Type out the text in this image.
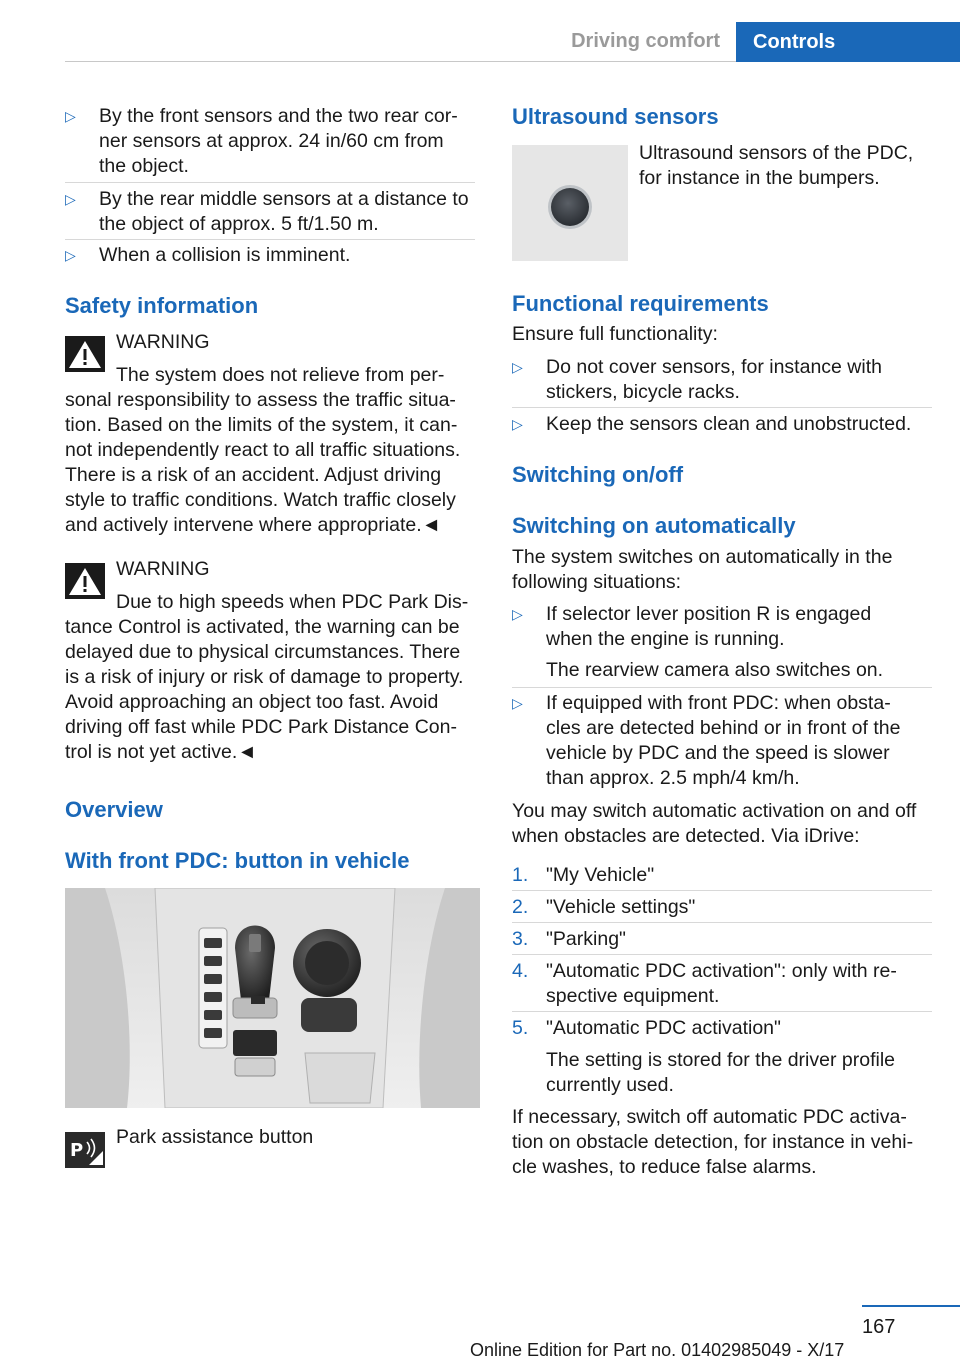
Driving comfort	Controls
▷ By the front sensors and the two rear cor-
ner sensors at approx. 24 in/60 cm from
the object.
▷ By the rear middle sensors at a distance to
the object of approx. 5 ft/1.50 m.
▷ When a collision is imminent.
Safety information
WARNING
The system does not relieve from per-
sonal responsibility to assess the traffic situa-
tion. Based on the limits of the system, it can-
not independently react to all traffic situations.
There is a risk of an accident. Adjust driving
style to traffic conditions. Watch traffic closely
and actively intervene where appropriate.◄
WARNING
Due to high speeds when PDC Park Dis-
tance Control is activated, the warning can be
delayed due to physical circumstances. There
is a risk of injury or risk of damage to property.
Avoid approaching an object too fast. Avoid
driving off fast while PDC Park Distance Con-
trol is not yet active.◄
Overview
With front PDC: button in vehicle
P
Park assistance button
Ultrasound sensors
Ultrasound sensors of the PDC,
for instance in the bumpers.
Functional requirements
Ensure full functionality:
▷ Do not cover sensors, for instance with
stickers, bicycle racks.
▷ Keep the sensors clean and unobstructed.
Switching on/off
Switching on automatically
The system switches on automatically in the
following situations:
▷ If selector lever position R is engaged
when the engine is running.
The rearview camera also switches on.
▷ If equipped with front PDC: when obsta-
cles are detected behind or in front of the
vehicle by PDC and the speed is slower
than approx. 2.5 mph/4 km/h.
You may switch automatic activation on and off
when obstacles are detected. Via iDrive:
1. "My Vehicle"
2. "Vehicle settings"
3. "Parking"
4. "Automatic PDC activation": only with re-
spective equipment.
5. "Automatic PDC activation"
The setting is stored for the driver profile
currently used.
If necessary, switch off automatic PDC activa-
tion on obstacle detection, for instance in vehi-
cle washes, to reduce false alarms.
167
Online Edition for Part no. 01402985049 - X/17
